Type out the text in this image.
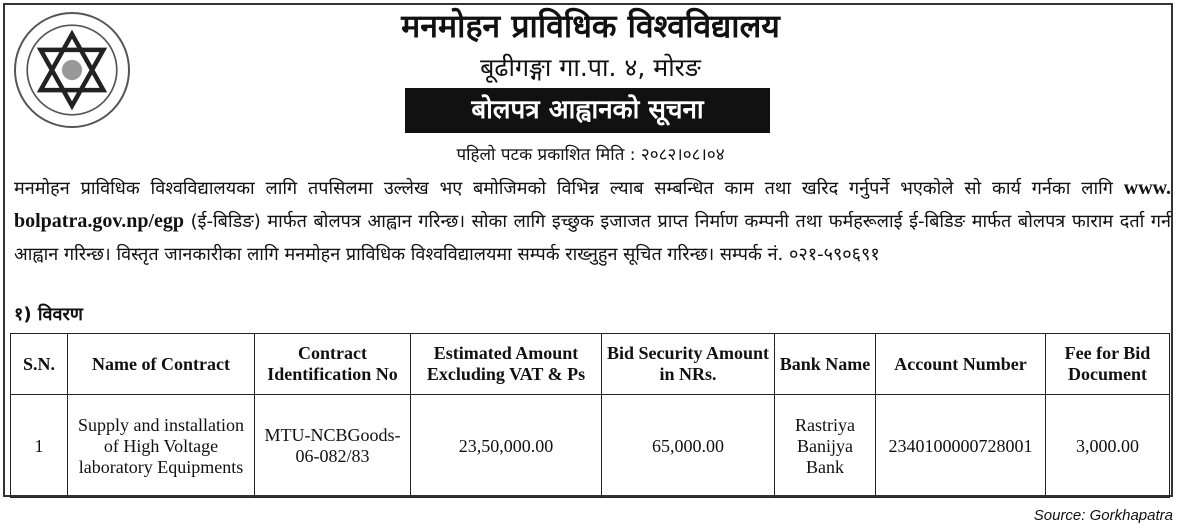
मनमोहन प्राविधिक विश्वविद्यालय
बूढीगङ्गा गा.पा. ४, मोरङ
बोलपत्र आह्वानको सूचना
पहिलो पटक प्रकाशित मिति : २०८२।०८।०४
मनमोहन प्राविधिक विश्वविद्यालयका लागि तपसिलमा उल्लेख भए बमोजिमको विभिन्न ल्याब सम्बन्धित काम तथा खरिद गर्नुपर्ने भएकोले सो कार्य गर्नका लागि www. bolpatra.gov.np/egp (ई-बिडिङ) मार्फत बोलपत्र आह्वान गरिन्छ। सोका लागि इच्छुक इजाजत प्राप्त निर्माण कम्पनी तथा फर्महरूलाई ई-बिडिङ मार्फत बोलपत्र फाराम दर्ता गर्न आह्वान गरिन्छ। विस्तृत जानकारीका लागि मनमोहन प्राविधिक विश्वविद्यालयमा सम्पर्क राख्नुहुन सूचित गरिन्छ। सम्पर्क नं. ०२१-५९०६९१
१) विवरण
S.N.	Name of Contract	Contract Identification No	Estimated Amount Excluding VAT & Ps	Bid Security Amount in NRs.	Bank Name	Account Number	Fee for Bid Document
1	Supply and installation of High Voltage laboratory Equipments	MTU-NCBGoods-06-082/83	23,50,000.00	65,000.00	Rastriya Banijya Bank	2340100000728001	3,000.00
Source: Gorkhapatra
